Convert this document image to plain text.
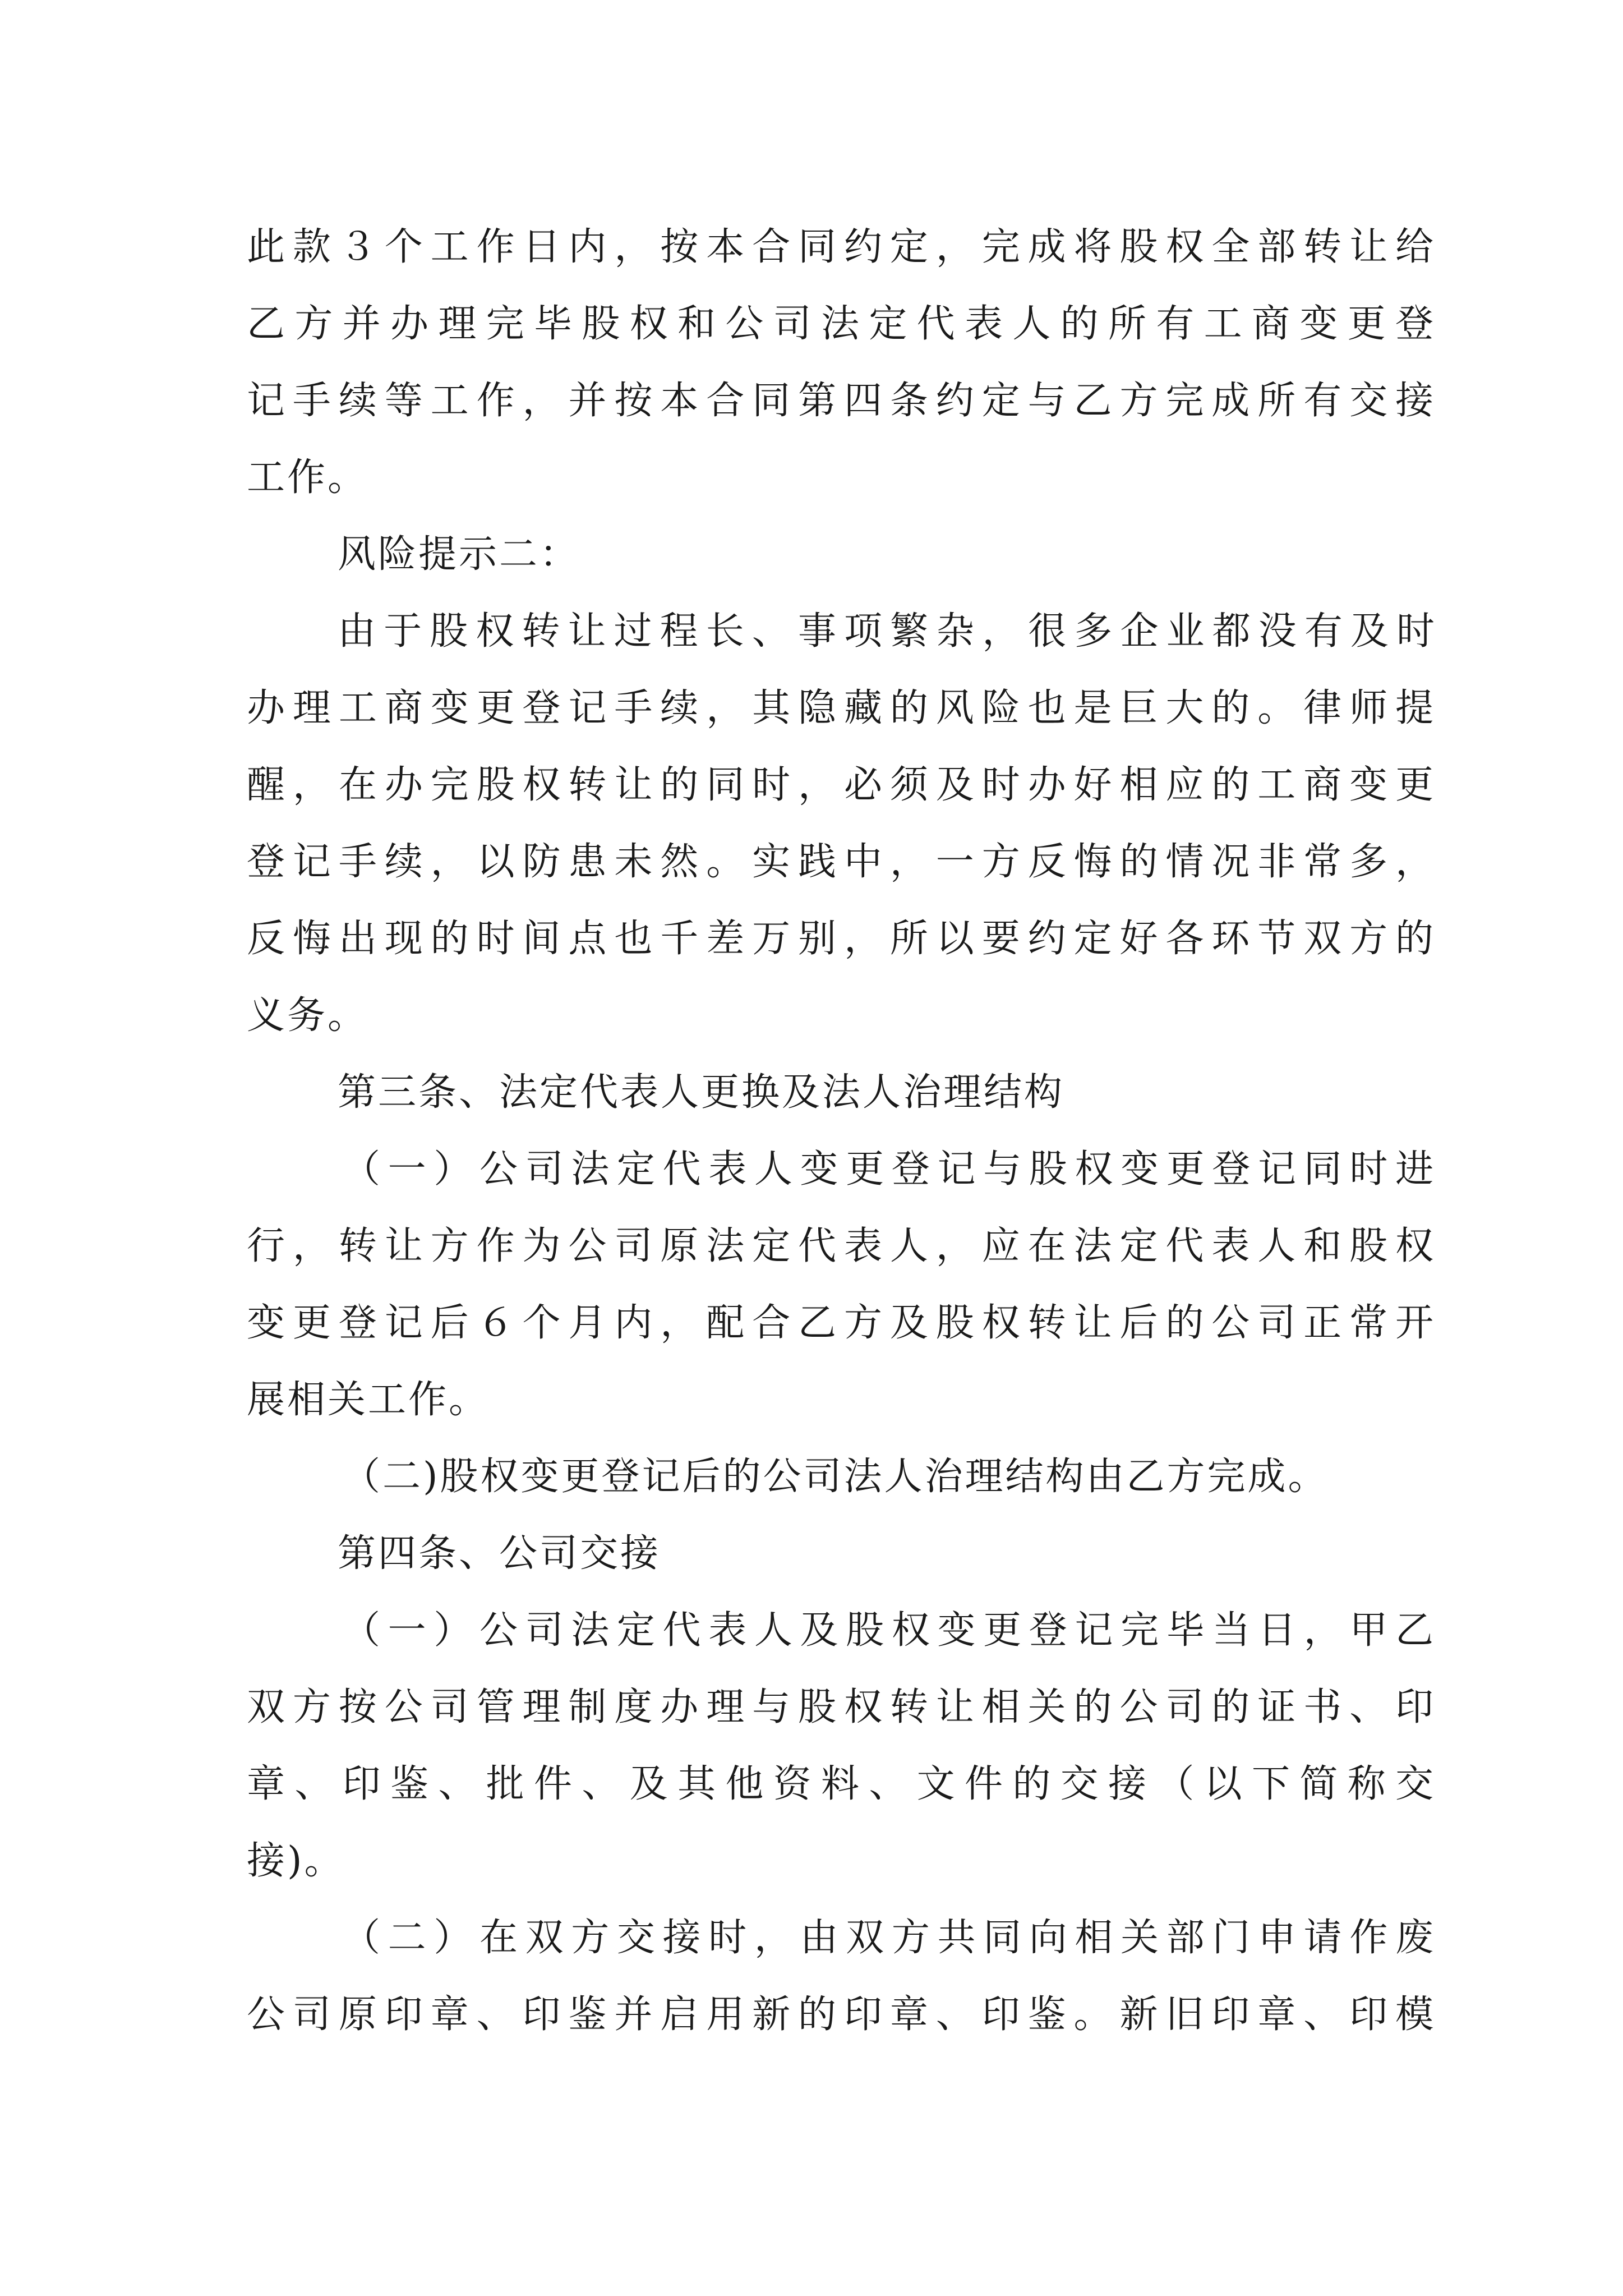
此款３个工作日内，按本合同约定，完成将股权全部转让给
乙方并办理完毕股权和公司法定代表人的所有工商变更登
记手续等工作，并按本合同第四条约定与乙方完成所有交接
工作。
风险提示二：
由于股权转让过程长、事项繁杂，很多企业都没有及时
办理工商变更登记手续，其隐藏的风险也是巨大的。律师提
醒，在办完股权转让的同时，必须及时办好相应的工商变更
登记手续，以防患未然。实践中，一方反悔的情况非常多，
反悔出现的时间点也千差万别，所以要约定好各环节双方的
义务。
第三条、法定代表人更换及法人治理结构
（一）公司法定代表人变更登记与股权变更登记同时进
行，转让方作为公司原法定代表人，应在法定代表人和股权
变更登记后６个月内，配合乙方及股权转让后的公司正常开
展相关工作。
（二)股权变更登记后的公司法人治理结构由乙方完成。
第四条、公司交接
（一）公司法定代表人及股权变更登记完毕当日，甲乙
双方按公司管理制度办理与股权转让相关的公司的证书、印
章、印鉴、批件、及其他资料、文件的交接（以下简称交
接)。
（二）在双方交接时，由双方共同向相关部门申请作废
公司原印章、印鉴并启用新的印章、印鉴。新旧印章、印模
